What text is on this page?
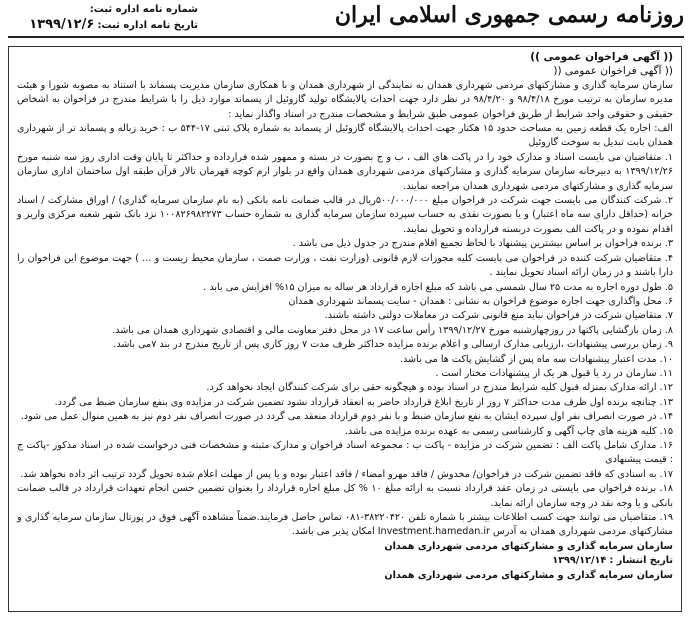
روزنامه رسمی جمهوری اسلامی ایران
شماره نامه اداره ثبت:
تاریخ نامه اداره ثبت: ۱۳۹۹/۱۲/۶

(( آگهی فراخوان عمومی ))

(( آگهی فراخوان عمومی ((

سازمان سرمایه گذاری و مشارکتهای مردمی شهرداری همدان به نمایندگی از شهرداری همدان و با همکاری سازمان مدیریت پسماند با استناد به مصوبه شورا و هیئت مدیره سازمان به ترتیب مورخ ۹۸/۴/۱۸ و ۹۸/۴/۲۰ در نظر دارد جهت احداث پالایشگاه تولید گازوئیل از پسماند موارد ذیل را با شرایط مندرج در فراخوان به اشخاص حقیقی و حقوقی واجد شرایط از طریق فراخوان عمومی طبق شرایط و مشخصات مندرج در اسناد واگذار نماید :

الف: اجاره یک قطعه زمین به مساحت حدود ۱۵ هکتار جهت احداث پالایشگاه گازوئیل از پسماند به شماره پلاک ثبتی ۱۷-۵۴۴ ب : خرید زباله و پسماند تر از شهرداری همدان بابت تبدیل به سوخت گازوئیل

۱. متقاضیان می بایست اسناد و مدارک خود را در پاکت های الف ، ب و ج بصورت در بسته و ممهور شده فرارداده و حداکثر تا پایان وقت اداری روز سه شنبه مورخ ۱۳۹۹/۱۲/۲۶ به دبیرخانه سازمان سرمایه گذاری و مشارکتهای مردمی شهرداری همدان واقع در بلوار ارم کوچه قهرمان تالار قرآن طبقه اول ساختمان اداری سازمان سرمایه گذاری و مشارکتهای مردمی شهرداری همدان مراجعه نمایند.

۲. شرکت کنندگان می بایست جهت شرکت در فراخوان مبلغ ۵۰۰/۰۰۰/۰۰۰ریال در قالب ضمانت نامه بانکی (به نام سازمان سرمایه گذاری) / اوراق مشارکت / اسناد خزانه (حداقل دارای سه ماه اعتبار) و یا بصورت نقدی به حساب سپرده سازمان سرمایه گذاری به شماره حساب ۱۰۰۸۲۶۹۸۲۲۷۳ نزد بانک شهر شعبه مرکزی واریز و اقدام نموده و در پاکت الف بصورت دربسته فرارداده و تحویل نمایند.

۳. برنده فراخوان بر اساس بیشترین پیشنهاد با لحاظ تجمیع اقلام مندرج در جدول ذیل می باشد .

۴. متقاضیان شرکت کننده در فراخوان می بایست کلیه مجوزات لازم قانونی (وزارت نفت ، وزارت صمت ، سازمان محیط زیست و ... ) جهت موضوع این فراخوان را دارا باشند و در زمان ارائه اسناد تحویل نمایند .

۵. طول دوره اجاره به مدت ۲۵ سال شمسی می باشد که مبلغ اجاره قرارداد هر ساله به میزان ۱۵% افزایش می یابد .

۶. محل واگذاری جهت اجاره موضوع فراخوان به نشانی : همدان - سایت پسماند شهرداری همدان

۷. متقاضیان شرکت در فراخوان نباید منع قانونی شرکت در معاملات دولتی داشته باشند.

۸. زمان بازگشایی پاکتها در روزچهارشنبه مورخ ۱۳۹۹/۱۲/۲۷ رأس ساعت ۱۷ در محل دفتر معاونت مالی و اقتصادی شهرداری همدان می باشد.

۹. زمان بررسی پیشنهادات ،ارزیابی مدارک ارسالی و اعلام برنده مزایده حداکثر ظرف مدت ۷ روز کاری پس از تاریخ مندرج در بند ۷می باشد.

۱۰. مدت اعتبار پیشنهادات سه ماه پس از گشایش پاکت ها می باشد.

۱۱. سازمان در رد یا قبول هر یک از پیشنهادات مختار است .

۱۲. ارائه مدارک بمنزله قبول کلیه شرایط مندرج در اسناد بوده و هیچگونه حقی برای شرکت کنندگان ایجاد نخواهد کرد.

۱۳. چنانچه برنده اول ظرف مدت حداکثر ۷ روز از تاریخ ابلاغ قرارداد حاضر به انعقاد قرارداد نشود تضمین شرکت در مزایده وی بنفع سازمان ضبط می گردد.

۱۴. در صورت انصراف نفر اول سپرده ایشان به نفع سازمان ضبط و با نفر دوم قرارداد منعقد می گردد در صورت انصراف نفر دوم نیز به همین منوال عمل می شود.

۱۵. کلیه هزینه های چاپ آگهی و کارشناسی رسمی به عهده برنده مزایده می باشد.

۱۶. مدارک شامل پاکت الف : تضمین شرکت در مزایده - پاکت ب : مجموعه اسناد فراخوان و مدارک مثبته و مشخصات فنی درخواست شده در اسناد مذکور -پاکت ج : قیمت پیشنهادی

۱۷. به اسنادی که فاقد تضمین شرکت در فراخوان/ مخدوش / فاقد مهرو امضاء / فاقد اعتبار بوده و یا پس از مهلت اعلام شده تحویل گردد ترتیب اثر داده نخواهد شد.

۱۸. برنده فراخوان می بایستی در زمان عقد قرارداد نسبت به ارائه مبلغ ۱۰ % کل مبلغ اجاره قرارداد را بعنوان تضمین حسن انجام تعهدات قرارداد در قالب ضمانت بانکی و یا وجه نقد در وجه سازمان ارائه نماید.

۱۹. متقاضیان می توانند جهت کسب اطلاعات بیشتر با شماره تلفن ۳۸۲۲۰۴۲۰-۰۸۱ تماس حاصل فرمایند.ضمناً مشاهده آگهی فوق در پورتال سازمان سرمایه گذاری و مشارکتهای مردمی شهرداری همدان به آدرس Investment.hamedan.ir امکان پذیر می باشد.

سازمان سرمایه گذاری و مشارکتهای مردمی شهرداری همدان

تاریخ انتشار : ۱۳۹۹/۱۲/۱۴

سازمان سرمایه گذاری و مشارکتهای مردمی شهرداری همدان
